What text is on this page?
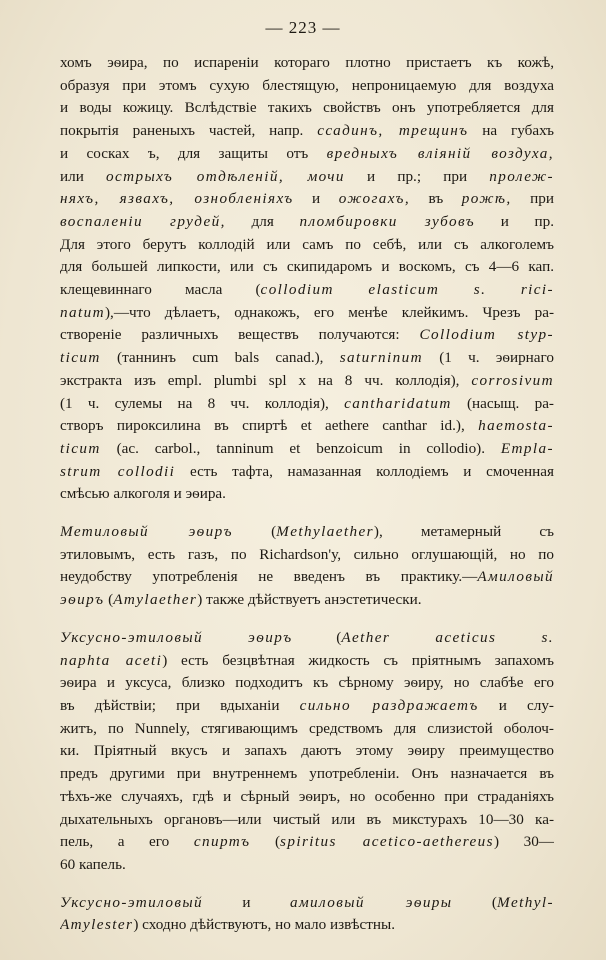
— 223 —
хомъ эѳира, по испареніи котораго плотно пристаетъ къ кожѣ,
образуя при этомъ сухую блестящую, непроницаемую для воздуха
и воды кожицу. Вслѣдствіе такихъ свойствъ онъ употребляется для
покрытія раненыхъ частей, напр. ссадинъ, трещинъ на губахъ
и сосках ъ, для защиты отъ вредныхъ вліяній воздуха,
или острыхъ отдѣленій, мочи и пр.; при пролеж-
няхъ, язвахъ, ознобленіяхъ и ожогахъ, въ рожѣ, при
воспаленіи грудей, для пломбировки зубовъ и пр.
Для этого берутъ коллодій или самъ по себѣ, или съ алкоголемъ
для большей липкости, или съ скипидаромъ и воскомъ, съ 4—6 кап.
клещевиннаго масла (collodium elasticum s. rici-
natum),—что дѣлаетъ, однакожъ, его менѣе клейкимъ. Чрезъ ра-
створеніе различныхъ веществъ получаются: Collodium styp-
ticum (таннинъ cum bals canad.), saturninum (1 ч. эѳирнаго
экстракта изъ empl. plumbi spl x на 8 чч. коллодія), corrosivum
(1 ч. сулемы на 8 чч. коллодія), cantharidatum (насыщ. ра-
створъ пироксилина въ спиртѣ et aethere canthar id.), haemosta-
ticum (ac. carbol., tanninum et benzoicum in collodio). Empla-
strum collodii есть тафта, намазанная коллодіемъ и смоченная
смѣсью алкоголя и эѳира.
Метиловый эѳиръ (Methylaether), метамерный съ
этиловымъ, есть газъ, по Richardson'у, сильно оглушающій, но по
неудобству употребленія не введенъ въ практику.—Амиловый
эѳиръ (Amylaether) также дѣйствуетъ анэстетически.
Уксусно-этиловый эѳиръ (Aether aceticus s.
naphta aceti) есть безцвѣтная жидкость съ пріятнымъ запахомъ
эѳира и уксуса, близко подходитъ къ сѣрному эѳиру, но слабѣе его
въ дѣйствіи; при вдыханіи сильно раздражаетъ и слу-
житъ, по Nunnely, стягивающимъ средствомъ для слизистой оболоч-
ки. Пріятный вкусъ и запахъ даютъ этому эѳиру преимущество
предъ другими при внутреннемъ употребленіи. Онъ назначается въ
тѣхъ-же случаяхъ, гдѣ и сѣрный эѳиръ, но особенно при страданіяхъ
дыхательныхъ органовъ—или чистый или въ микстурахъ 10—30 ка-
пель, а его спиртъ (spiritus acetico-aethereus) 30—
60 капель.
Уксусно-этиловый и амиловый эѳиры (Methyl-
Amylester) сходно дѣйствуютъ, но мало извѣстны.
